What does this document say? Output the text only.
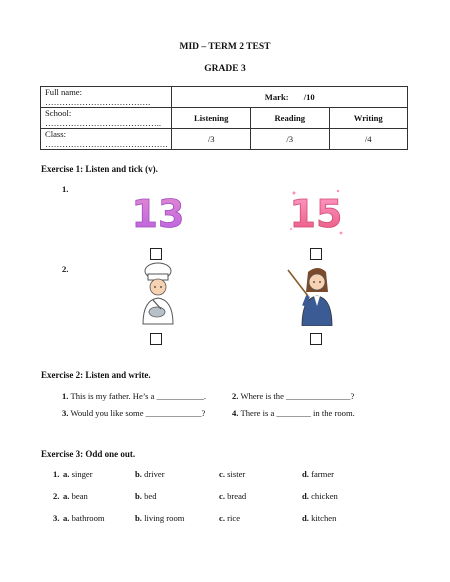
MID – TERM 2 TEST
GRADE 3
Full name: ……………………………….	Mark: /10		
School: …………………………………..	Listening	Reading	Writing
Class: …………………………………….	/3	/3	/4
Exercise 1: Listen and tick (v).
1.
13	15
2.
Exercise 2: Listen and write.
1. This is my father. He’s a ___________.	2. Where is the _______________?
3. Would you like some _____________?	4. There is a ________ in the room.
Exercise 3: Odd one out.
1. a. singer	b. driver	c. sister	d. farmer
2. a. bean	b. bed	c. bread	d. chicken
3. a. bathroom	b. living room	c. rice	d. kitchen
